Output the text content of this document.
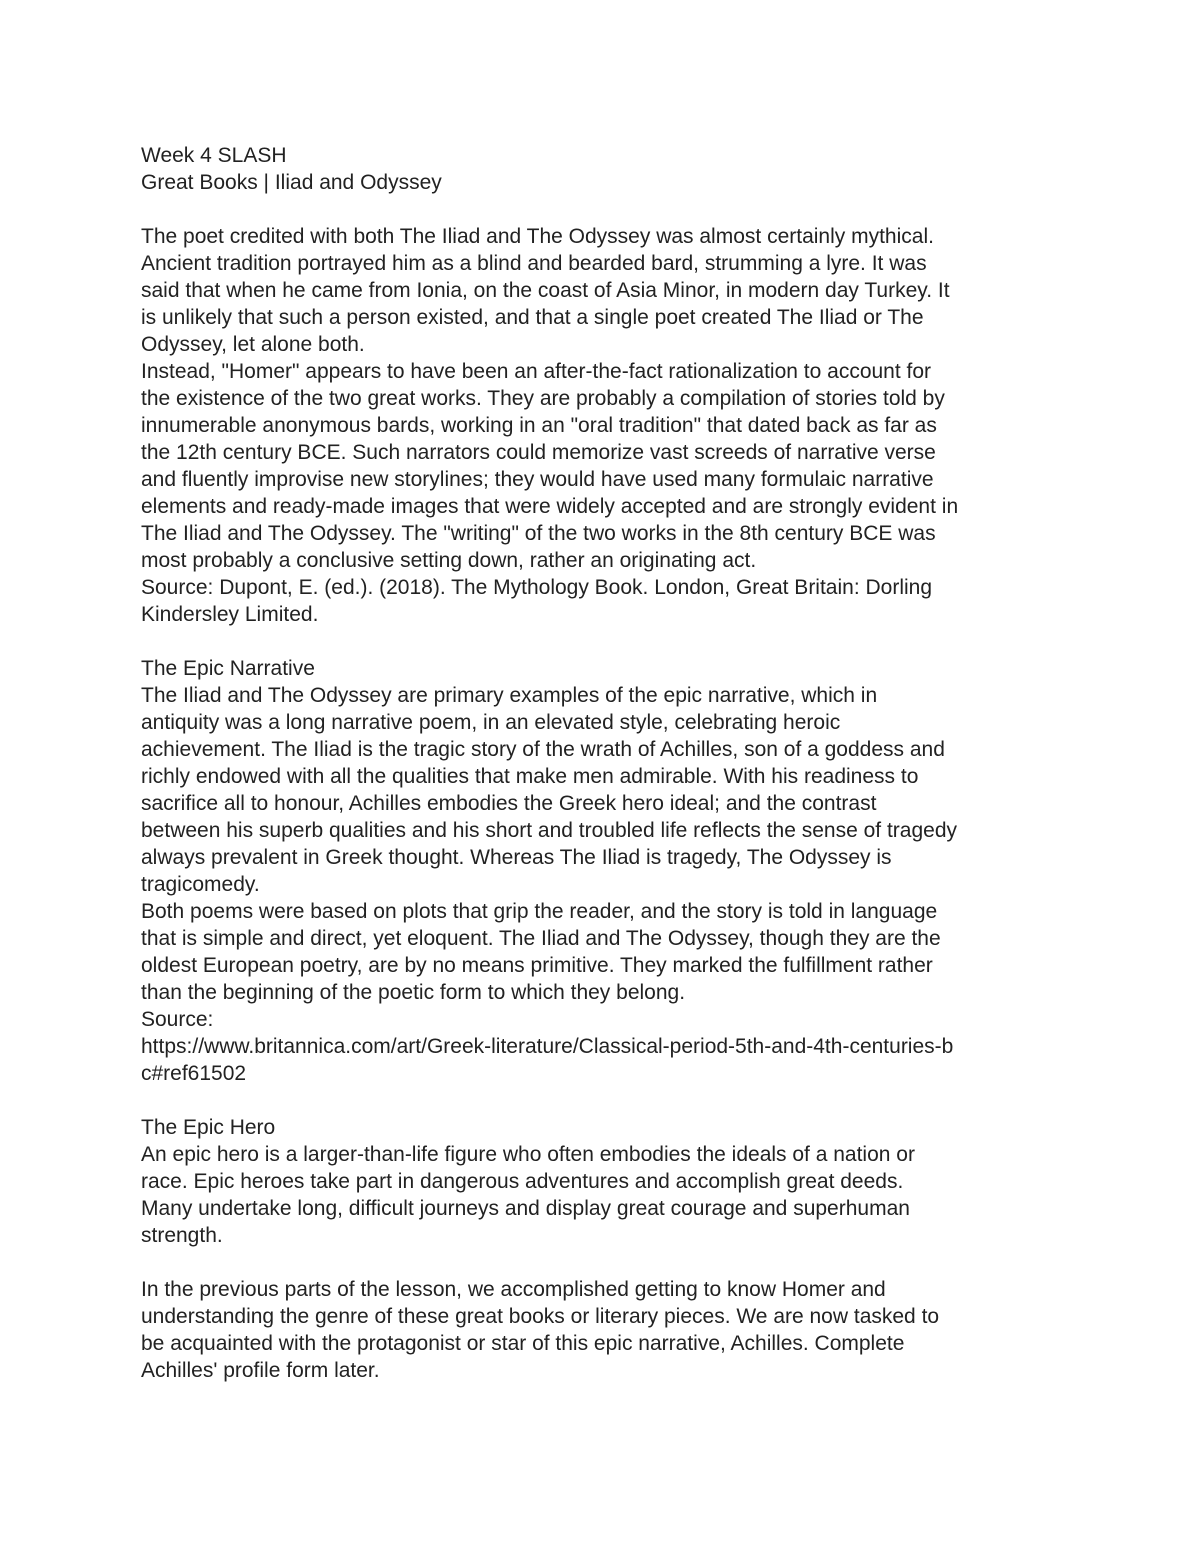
Week 4 SLASH
Great Books | Iliad and Odyssey
The poet credited with both The Iliad and The Odyssey was almost certainly mythical.
Ancient tradition portrayed him as a blind and bearded bard, strumming a lyre. It was
said that when he came from Ionia, on the coast of Asia Minor, in modern day Turkey. It
is unlikely that such a person existed, and that a single poet created The Iliad or The
Odyssey, let alone both.
Instead, "Homer" appears to have been an after-the-fact rationalization to account for
the existence of the two great works. They are probably a compilation of stories told by
innumerable anonymous bards, working in an "oral tradition" that dated back as far as
the 12th century BCE. Such narrators could memorize vast screeds of narrative verse
and fluently improvise new storylines; they would have used many formulaic narrative
elements and ready-made images that were widely accepted and are strongly evident in
The Iliad and The Odyssey. The "writing" of the two works in the 8th century BCE was
most probably a conclusive setting down, rather an originating act.
Source: Dupont, E. (ed.). (2018). The Mythology Book. London, Great Britain: Dorling
Kindersley Limited.
The Epic Narrative
The Iliad and The Odyssey are primary examples of the epic narrative, which in
antiquity was a long narrative poem, in an elevated style, celebrating heroic
achievement. The Iliad is the tragic story of the wrath of Achilles, son of a goddess and
richly endowed with all the qualities that make men admirable. With his readiness to
sacrifice all to honour, Achilles embodies the Greek hero ideal; and the contrast
between his superb qualities and his short and troubled life reflects the sense of tragedy
always prevalent in Greek thought. Whereas The Iliad is tragedy, The Odyssey is
tragicomedy.
Both poems were based on plots that grip the reader, and the story is told in language
that is simple and direct, yet eloquent. The Iliad and The Odyssey, though they are the
oldest European poetry, are by no means primitive. They marked the fulfillment rather
than the beginning of the poetic form to which they belong.
Source:
https://www.britannica.com/art/Greek-literature/Classical-period-5th-and-4th-centuries-b
c#ref61502
The Epic Hero
An epic hero is a larger-than-life figure who often embodies the ideals of a nation or
race. Epic heroes take part in dangerous adventures and accomplish great deeds.
Many undertake long, difficult journeys and display great courage and superhuman
strength.
In the previous parts of the lesson, we accomplished getting to know Homer and
understanding the genre of these great books or literary pieces. We are now tasked to
be acquainted with the protagonist or star of this epic narrative, Achilles. Complete
Achilles' profile form later.
